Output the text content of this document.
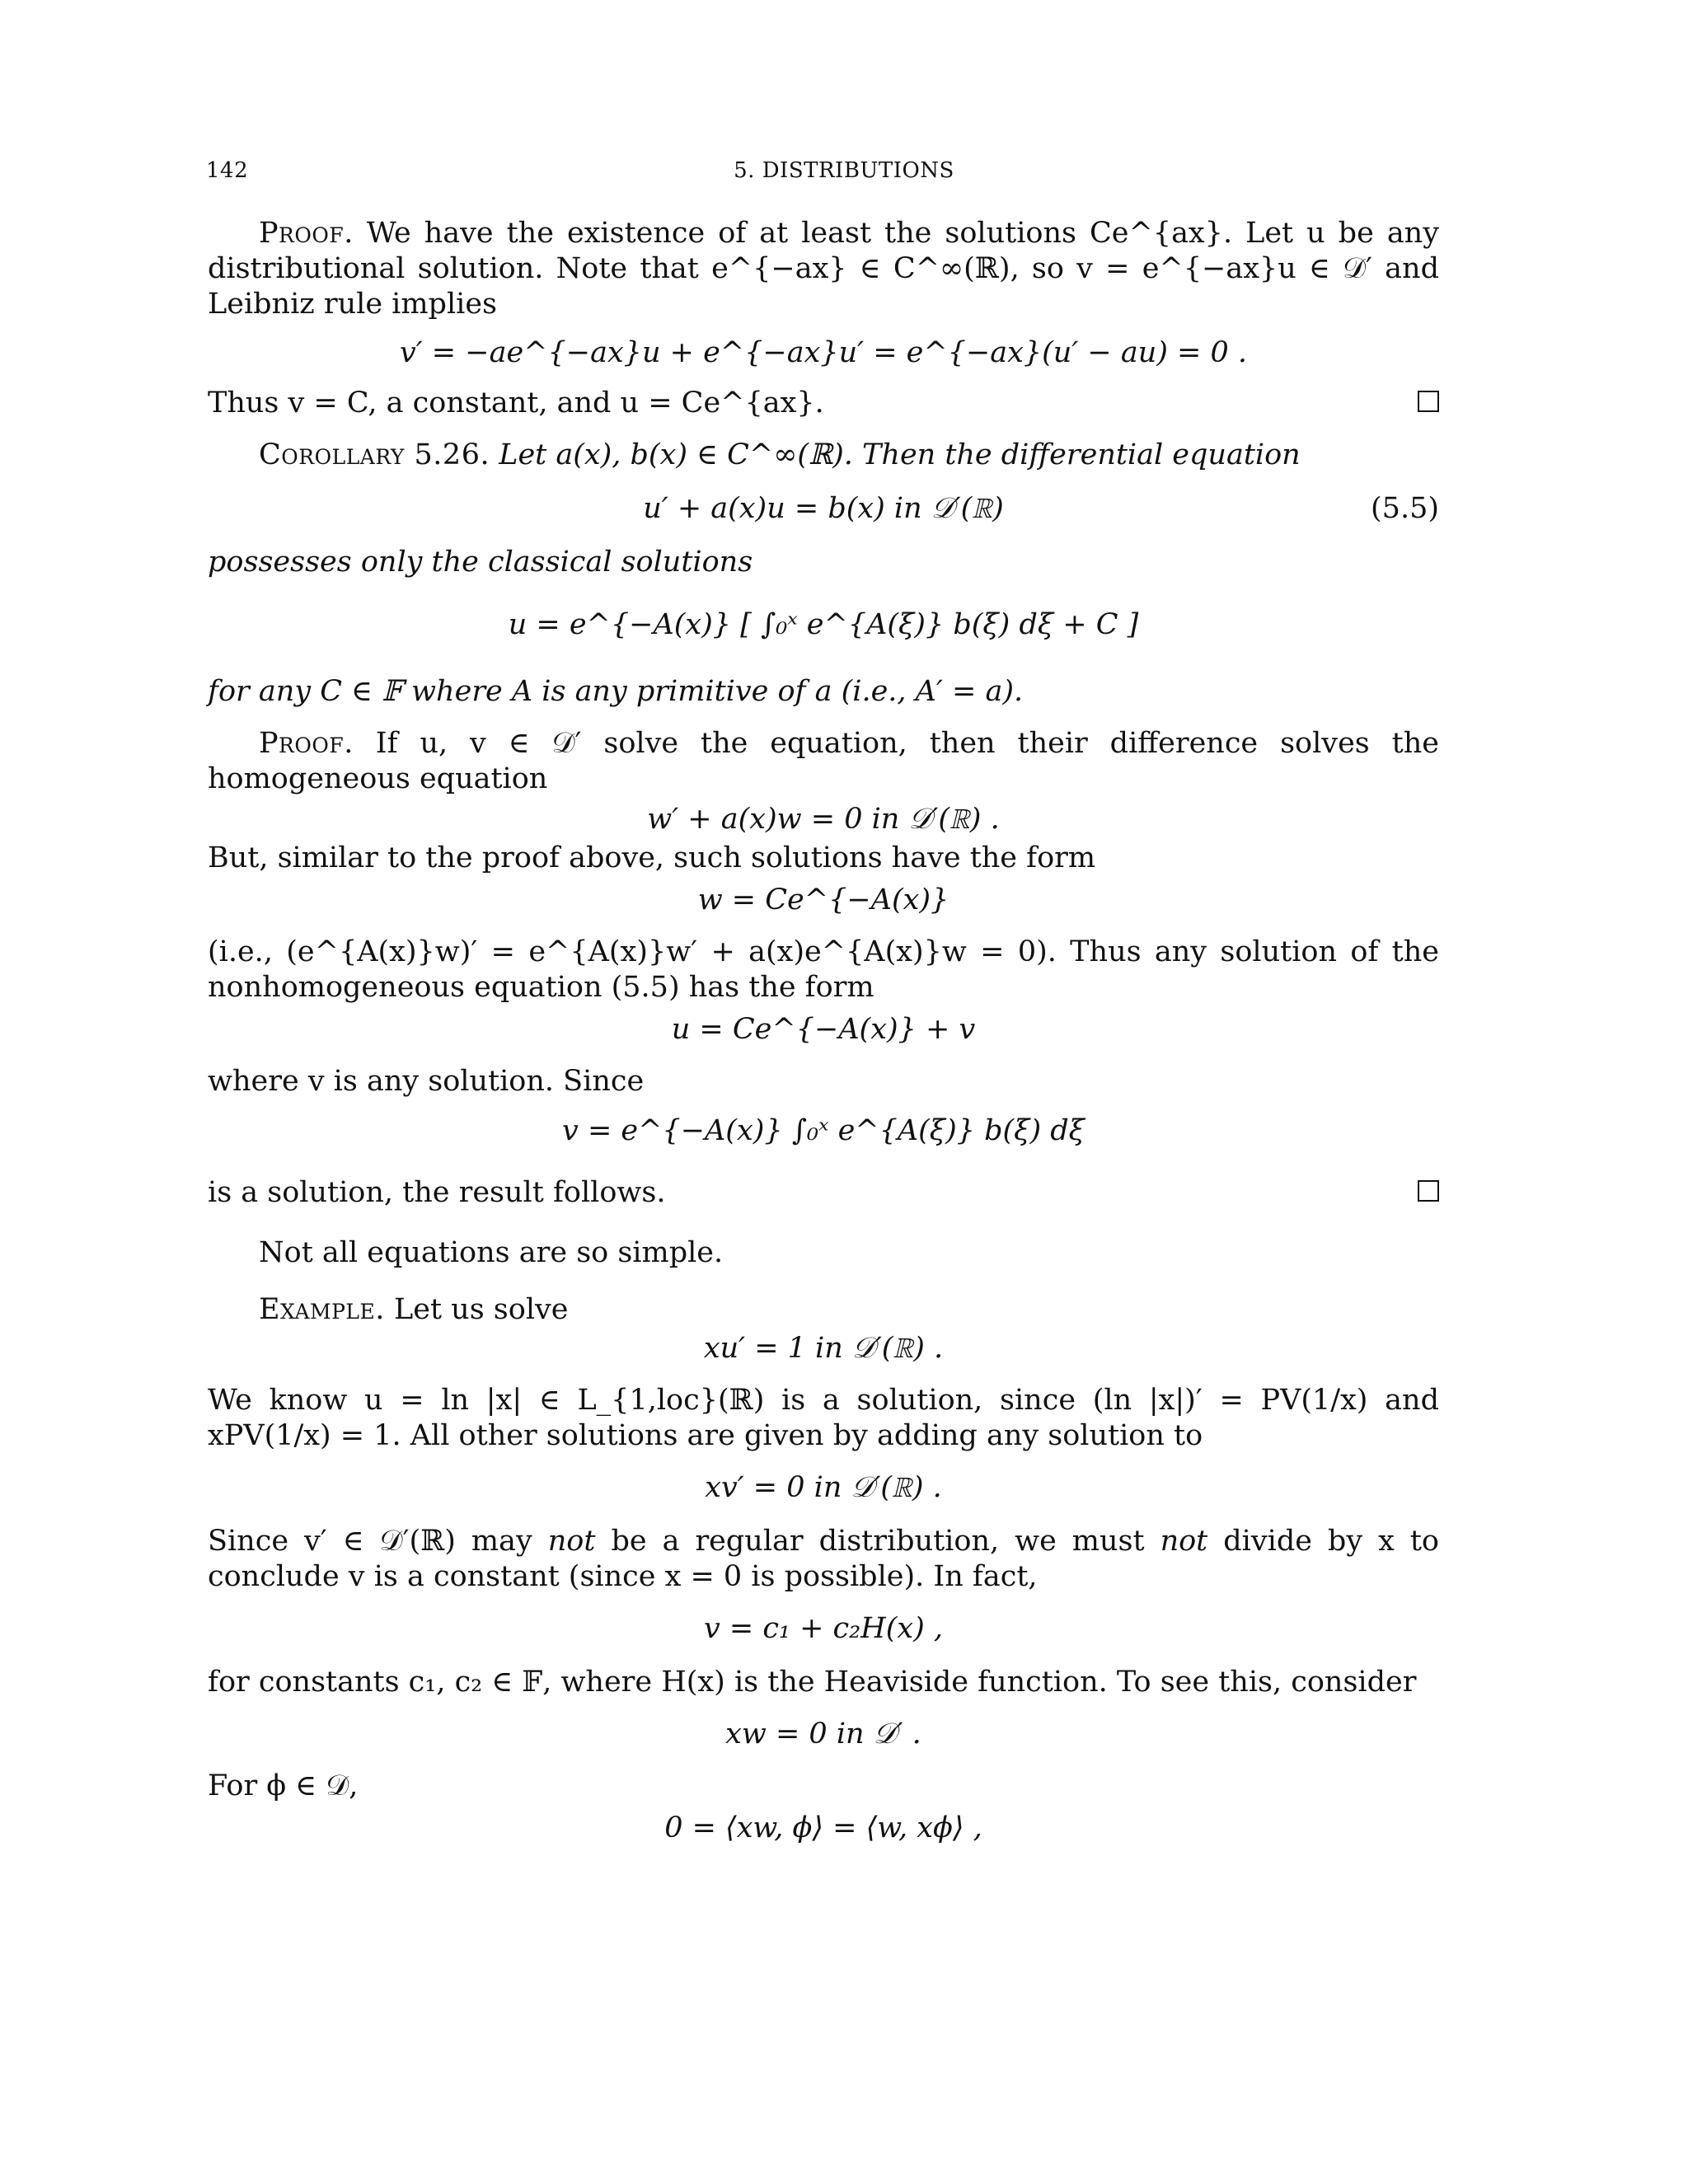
142	5. DISTRIBUTIONS

Proof. We have the existence of at least the solutions Ce^{ax}. Let u be any distributional solution. Note that e^{−ax} ∈ C^∞(ℝ), so v = e^{−ax}u ∈ 𝒟′ and Leibniz rule implies

v′ = −ae^{−ax}u + e^{−ax}u′ = e^{−ax}(u′ − au) = 0 .

Thus v = C, a constant, and u = Ce^{ax}.

Corollary 5.26. Let a(x), b(x) ∈ C^∞(ℝ). Then the differential equation

u′ + a(x)u = b(x) in 𝒟′(ℝ)	(5.5)

possesses only the classical solutions

u = e^{−A(x)} [ ∫₀ˣ e^{A(ξ)} b(ξ) dξ + C ]

for any C ∈ 𝔽 where A is any primitive of a (i.e., A′ = a).

Proof. If u, v ∈ 𝒟′ solve the equation, then their difference solves the homogeneous equation

w′ + a(x)w = 0 in 𝒟′(ℝ) .

But, similar to the proof above, such solutions have the form

w = Ce^{−A(x)}

(i.e., (e^{A(x)}w)′ = e^{A(x)}w′ + a(x)e^{A(x)}w = 0). Thus any solution of the nonhomogeneous equation (5.5) has the form

u = Ce^{−A(x)} + v

where v is any solution. Since

v = e^{−A(x)} ∫₀ˣ e^{A(ξ)} b(ξ) dξ

is a solution, the result follows.

Not all equations are so simple.

Example. Let us solve

xu′ = 1 in 𝒟′(ℝ) .

We know u = ln |x| ∈ L_{1,loc}(ℝ) is a solution, since (ln |x|)′ = PV(1/x) and xPV(1/x) = 1. All other solutions are given by adding any solution to

xv′ = 0 in 𝒟′(ℝ) .

Since v′ ∈ 𝒟′(ℝ) may not be a regular distribution, we must not divide by x to conclude v is a constant (since x = 0 is possible). In fact,

v = c₁ + c₂H(x) ,

for constants c₁, c₂ ∈ 𝔽, where H(x) is the Heaviside function. To see this, consider

xw = 0 in 𝒟′ .

For ϕ ∈ 𝒟,

0 = ⟨xw, ϕ⟩ = ⟨w, xϕ⟩ ,
